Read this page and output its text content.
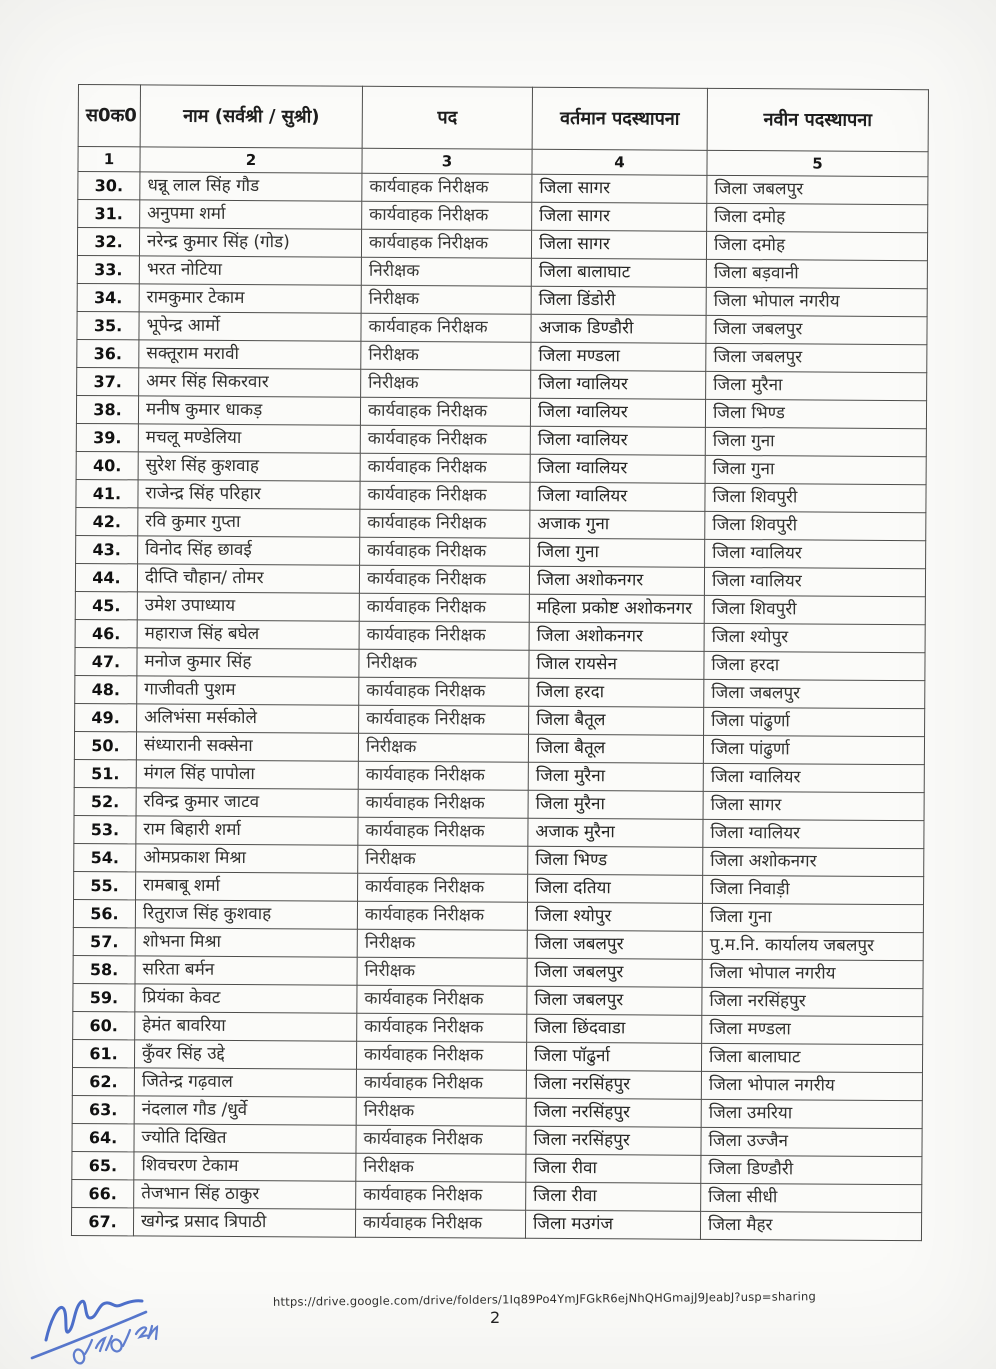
स0क0	नाम (सर्वश्री / सुश्री)	पद	वर्तमान पदस्थापना	नवीन पदस्थापना
1	2	3	4	5
30.	धन्नू लाल सिंह गौड	कार्यवाहक निरीक्षक	जिला सागर	जिला जबलपुर
31.	अनुपमा शर्मा	कार्यवाहक निरीक्षक	जिला सागर	जिला दमोह
32.	नरेन्द्र कुमार सिंह (गोड)	कार्यवाहक निरीक्षक	जिला सागर	जिला दमोह
33.	भरत नोटिया	निरीक्षक	जिला बालाघाट	जिला बड़वानी
34.	रामकुमार टेकाम	निरीक्षक	जिला डिंडोरी	जिला भोपाल नगरीय
35.	भूपेन्द्र आर्मो	कार्यवाहक निरीक्षक	अजाक डिण्डौरी	जिला जबलपुर
36.	सक्तूराम मरावी	निरीक्षक	जिला मण्डला	जिला जबलपुर
37.	अमर सिंह सिकरवार	निरीक्षक	जिला ग्वालियर	जिला मुरैना
38.	मनीष कुमार धाकड़	कार्यवाहक निरीक्षक	जिला ग्वालियर	जिला भिण्ड
39.	मचलू मण्डेलिया	कार्यवाहक निरीक्षक	जिला ग्वालियर	जिला गुना
40.	सुरेश सिंह कुशवाह	कार्यवाहक निरीक्षक	जिला ग्वालियर	जिला गुना
41.	राजेन्द्र सिंह परिहार	कार्यवाहक निरीक्षक	जिला ग्वालियर	जिला शिवपुरी
42.	रवि कुमार गुप्ता	कार्यवाहक निरीक्षक	अजाक गुना	जिला शिवपुरी
43.	विनोद सिंह छावई	कार्यवाहक निरीक्षक	जिला गुना	जिला ग्वालियर
44.	दीप्ति चौहान/ तोमर	कार्यवाहक निरीक्षक	जिला अशोकनगर	जिला ग्वालियर
45.	उमेश उपाध्याय	कार्यवाहक निरीक्षक	महिला प्रकोष्ट अशोकनगर	जिला शिवपुरी
46.	महाराज सिंह बघेल	कार्यवाहक निरीक्षक	जिला अशोकनगर	जिला श्योपुर
47.	मनोज कुमार सिंह	निरीक्षक	जिाल रायसेन	जिला हरदा
48.	गाजीवती पुशम	कार्यवाहक निरीक्षक	जिला हरदा	जिला जबलपुर
49.	अलिभंसा मर्सकोले	कार्यवाहक निरीक्षक	जिला बैतूल	जिला पांढुर्णा
50.	संध्यारानी सक्सेना	निरीक्षक	जिला बैतूल	जिला पांढुर्णा
51.	मंगल सिंह पापोला	कार्यवाहक निरीक्षक	जिला मुरैना	जिला ग्वालियर
52.	रविन्द्र कुमार जाटव	कार्यवाहक निरीक्षक	जिला मुरैना	जिला सागर
53.	राम बिहारी शर्मा	कार्यवाहक निरीक्षक	अजाक मुरैना	जिला ग्वालियर
54.	ओमप्रकाश मिश्रा	निरीक्षक	जिला भिण्ड	जिला अशोकनगर
55.	रामबाबू शर्मा	कार्यवाहक निरीक्षक	जिला दतिया	जिला निवाड़ी
56.	रितुराज सिंह कुशवाह	कार्यवाहक निरीक्षक	जिला श्योपुर	जिला गुना
57.	शोभना मिश्रा	निरीक्षक	जिला जबलपुर	पु.म.नि. कार्यालय जबलपुर
58.	सरिता बर्मन	निरीक्षक	जिला जबलपुर	जिला भोपाल नगरीय
59.	प्रियंका केवट	कार्यवाहक निरीक्षक	जिला जबलपुर	जिला नरसिंहपुर
60.	हेमंत बावरिया	कार्यवाहक निरीक्षक	जिला छिंदवाडा	जिला मण्डला
61.	कुँवर सिंह उद्दे	कार्यवाहक निरीक्षक	जिला पॉढुर्ना	जिला बालाघाट
62.	जितेन्द्र गढ़वाल	कार्यवाहक निरीक्षक	जिला नरसिंहपुर	जिला भोपाल नगरीय
63.	नंदलाल गौड /धुर्वे	निरीक्षक	जिला नरसिंहपुर	जिला उमरिया
64.	ज्योति दिखित	कार्यवाहक निरीक्षक	जिला नरसिंहपुर	जिला उज्जैन
65.	शिवचरण टेकाम	निरीक्षक	जिला रीवा	जिला डिण्डौरी
66.	तेजभान सिंह ठाकुर	कार्यवाहक निरीक्षक	जिला रीवा	जिला सीधी
67.	खगेन्द्र प्रसाद त्रिपाठी	कार्यवाहक निरीक्षक	जिला मउगंज	जिला मैहर
https://drive.google.com/drive/folders/1Iq89Po4YmJFGkR6ejNhQHGmajJ9JeabJ?usp=sharing
2
